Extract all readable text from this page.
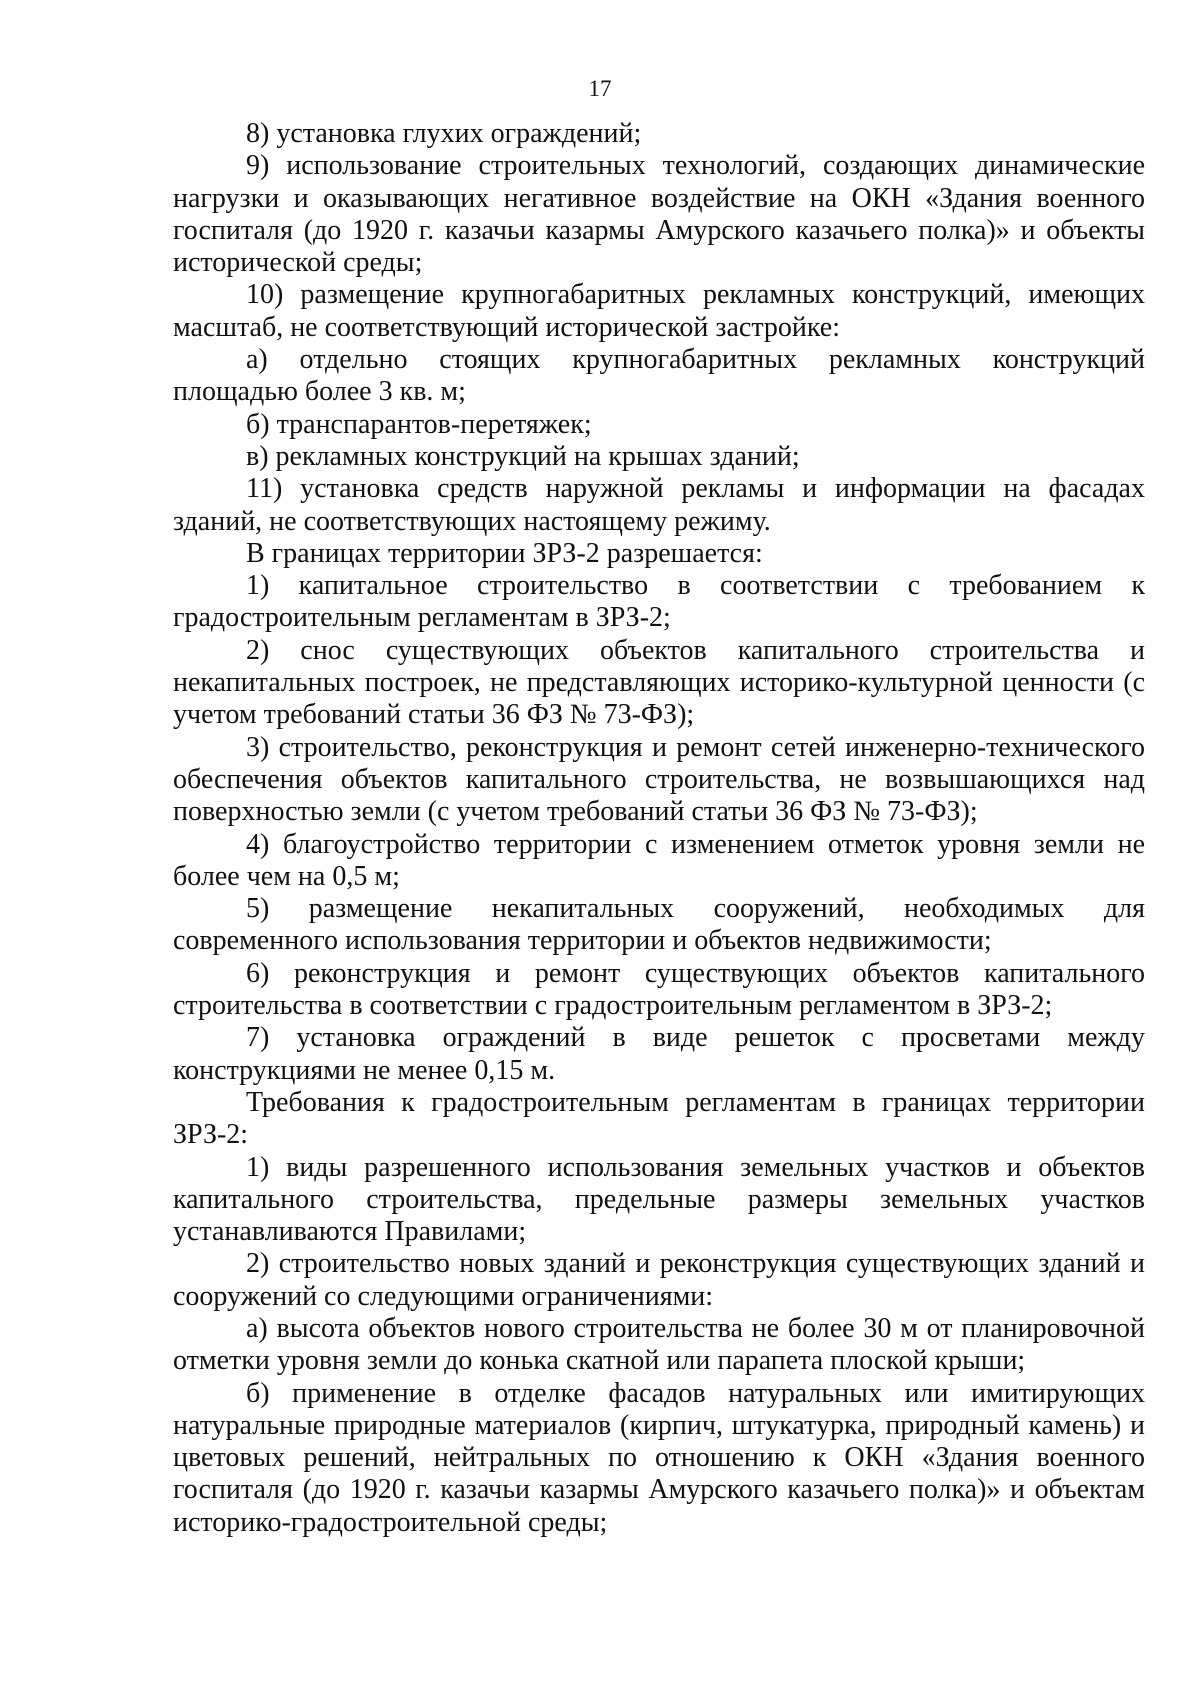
17

8) установка глухих ограждений;

9) использование строительных технологий, создающих динамические нагрузки и оказывающих негативное воздействие на ОКН «Здания военного госпиталя (до 1920 г. казачьи казармы Амурского казачьего полка)» и объекты исторической среды;

10) размещение крупногабаритных рекламных конструкций, имеющих масштаб, не соответствующий исторической застройке:

а) отдельно стоящих крупногабаритных рекламных конструкций площадью более 3 кв. м;

б) транспарантов-перетяжек;

в) рекламных конструкций на крышах зданий;

11) установка средств наружной рекламы и информации на фасадах зданий, не соответствующих настоящему режиму.

В границах территории ЗРЗ-2 разрешается:

1) капитальное строительство в соответствии с требованием к градостроительным регламентам в ЗРЗ-2;

2) снос существующих объектов капитального строительства и некапитальных построек, не представляющих историко-культурной ценности (с учетом требований статьи 36 ФЗ № 73-ФЗ);

3) строительство, реконструкция и ремонт сетей инженерно-технического обеспечения объектов капитального строительства, не возвышающихся над поверхностью земли (с учетом требований статьи 36 ФЗ № 73-ФЗ);

4) благоустройство территории с изменением отметок уровня земли не более чем на 0,5 м;

5) размещение некапитальных сооружений, необходимых для современного использования территории и объектов недвижимости;

6) реконструкция и ремонт существующих объектов капитального строительства в соответствии с градостроительным регламентом в ЗРЗ-2;

7) установка ограждений в виде решеток с просветами между конструкциями не менее 0,15 м.

Требования к градостроительным регламентам в границах территории ЗРЗ-2:

1) виды разрешенного использования земельных участков и объектов капитального строительства, предельные размеры земельных участков устанавливаются Правилами;

2) строительство новых зданий и реконструкция существующих зданий и сооружений со следующими ограничениями:

а) высота объектов нового строительства не более 30 м от планировочной отметки уровня земли до конька скатной или парапета плоской крыши;

б) применение в отделке фасадов натуральных или имитирующих натуральные природные материалов (кирпич, штукатурка, природный камень) и цветовых решений, нейтральных по отношению к ОКН «Здания военного госпиталя (до 1920 г. казачьи казармы Амурского казачьего полка)» и объектам историко-градостроительной среды;
